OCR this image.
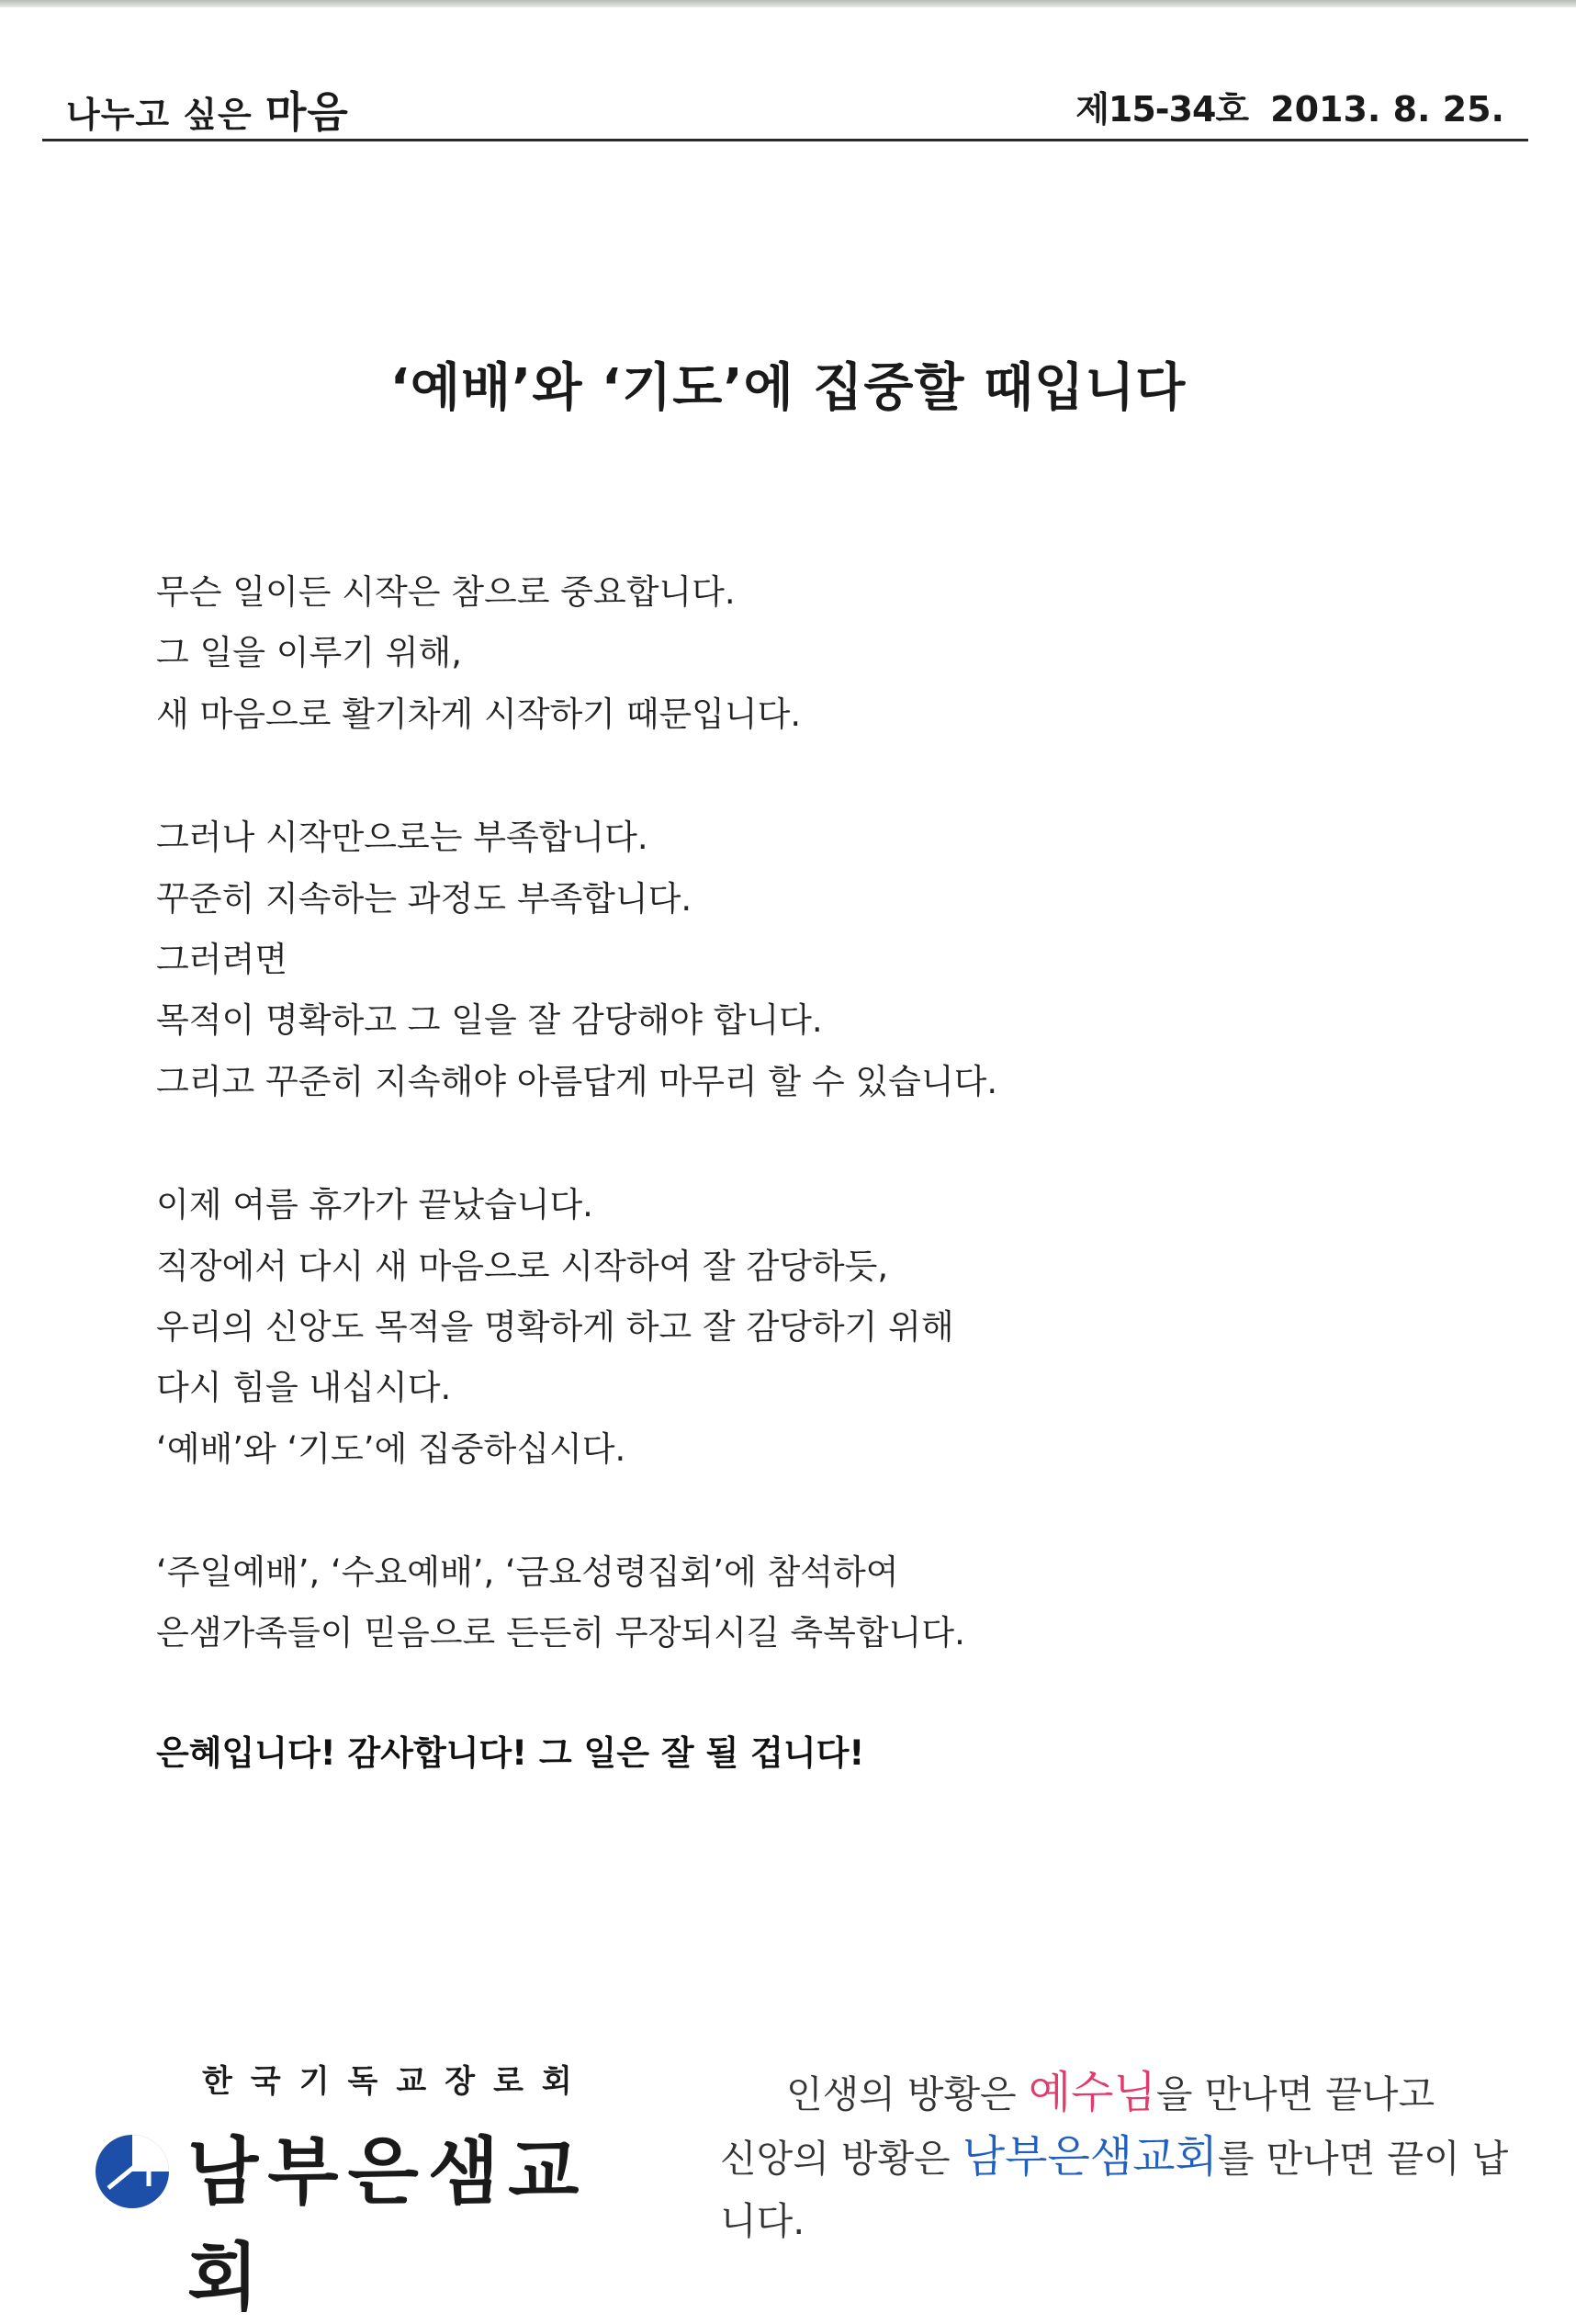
나누고 싶은 마음	제15-34호 2013. 8. 25.
‘예배’와 ‘기도’에 집중할 때입니다
무슨 일이든 시작은 참으로 중요합니다.
그 일을 이루기 위해,
새 마음으로 활기차게 시작하기 때문입니다.
그러나 시작만으로는 부족합니다.
꾸준히 지속하는 과정도 부족합니다.
그러려면
목적이 명확하고 그 일을 잘 감당해야 합니다.
그리고 꾸준히 지속해야 아름답게 마무리 할 수 있습니다.
이제 여름 휴가가 끝났습니다.
직장에서 다시 새 마음으로 시작하여 잘 감당하듯,
우리의 신앙도 목적을 명확하게 하고 잘 감당하기 위해
다시 힘을 내십시다.
‘예배’와 ‘기도’에 집중하십시다.
‘주일예배’, ‘수요예배’, ‘금요성령집회’에 참석하여
은샘가족들이 믿음으로 든든히 무장되시길 축복합니다.
은혜입니다! 감사합니다! 그 일은 잘 될 겁니다!
한국기독교장로회
남부은샘교회
인생의 방황은 예수님을 만나면 끝나고
신앙의 방황은 남부은샘교회를 만나면 끝이 납니다.
